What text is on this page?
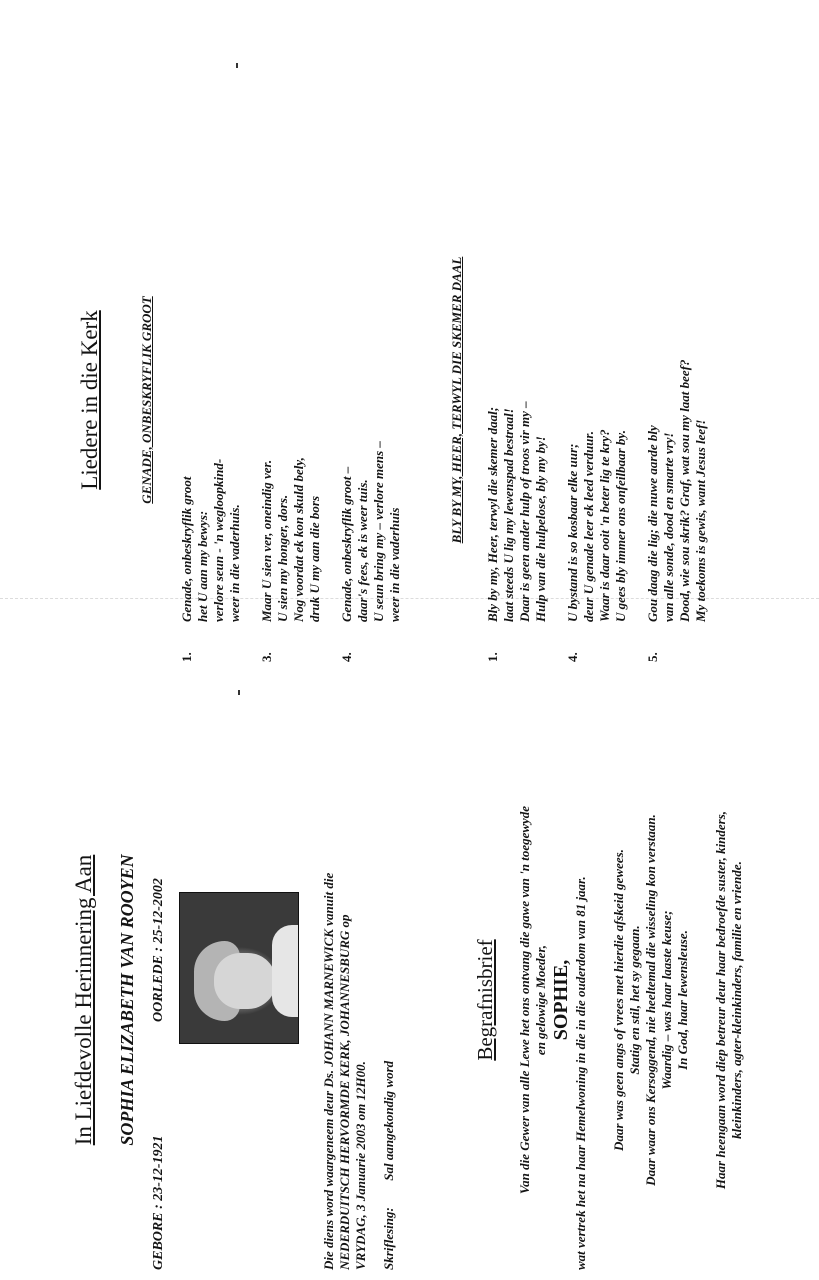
In Liefdevolle Herinnering Aan SOPHIA ELIZABETH VAN ROOYEN
GEBORE : 23-12-1921
OORLEDE : 25-12-2002	Die diens word waargeneem deur Ds. JOHANN MARNEWICK vanuit die NEDERDUITSCH HERVORMDE KERK, JOHANNESBURG op VRYDAG, 3 Januarie 2003 om 12H00. Skriflesing: Sal aangekondig word
Begrafnisbrief Van die Gewer van alle Lewe het ons ontvang die gawe van 'n toegewyde en gelowige Moeder, SOPHIE, wat vertrek het na haar Hemelwoning in die in die ouderdom van 81 jaar. Daar was geen angs of vrees met hierdie afskeid gewees. Statig en stil, het sy gegaan. Daar waar ons Kersoggend, nie heeltemal die wisseling kon verstaan. Waardig – was haar laaste keuse; In God, haar lewensleuse. Haar heengaan word diep betreur deur haar bedroefde suster, kinders, kleinkinders, agter-kleinkinders, familie en vriende.
Liedere in die Kerk	GENADE, ONBESKRYFLIK GROOT
1.
Genade, onbeskryflik groot het U aan my bewys: verlore seun - 'n wegloopkind- weer in die vaderhuis.
3.
Maar U sien ver, oneindig ver. U sien my honger, dors. Nog voordat ek kon skuld bely, druk U my aan die bors
4.
Genade, onbeskryflik groot – daar's fees, ek is weer tuis. U seun bring my – verlore mens – weer in die vaderhuis
BLY BY MY, HEER, TERWYL DIE SKEMER DAAL
1.
Bly by my, Heer, terwyl die skemer daal; laat steeds U lig my lewenspad bestraal! Daar is geen ander hulp of troos vir my – Hulp van die hulpelose, bly my by!
4.
U bystand is so kosbaar elke uur; deur U genade leer ek leed verduur. Waar is daar ooit 'n beter lig te kry? U gees bly immer ons onfeilbaar by.
5.
Gou daag die lig; die nuwe aarde bly van alle sonde, dood en smarte vry! Dood, wie sou skrik? Graf, wat sou my laat beef? My toekoms is gewis, want Jesus leef!
